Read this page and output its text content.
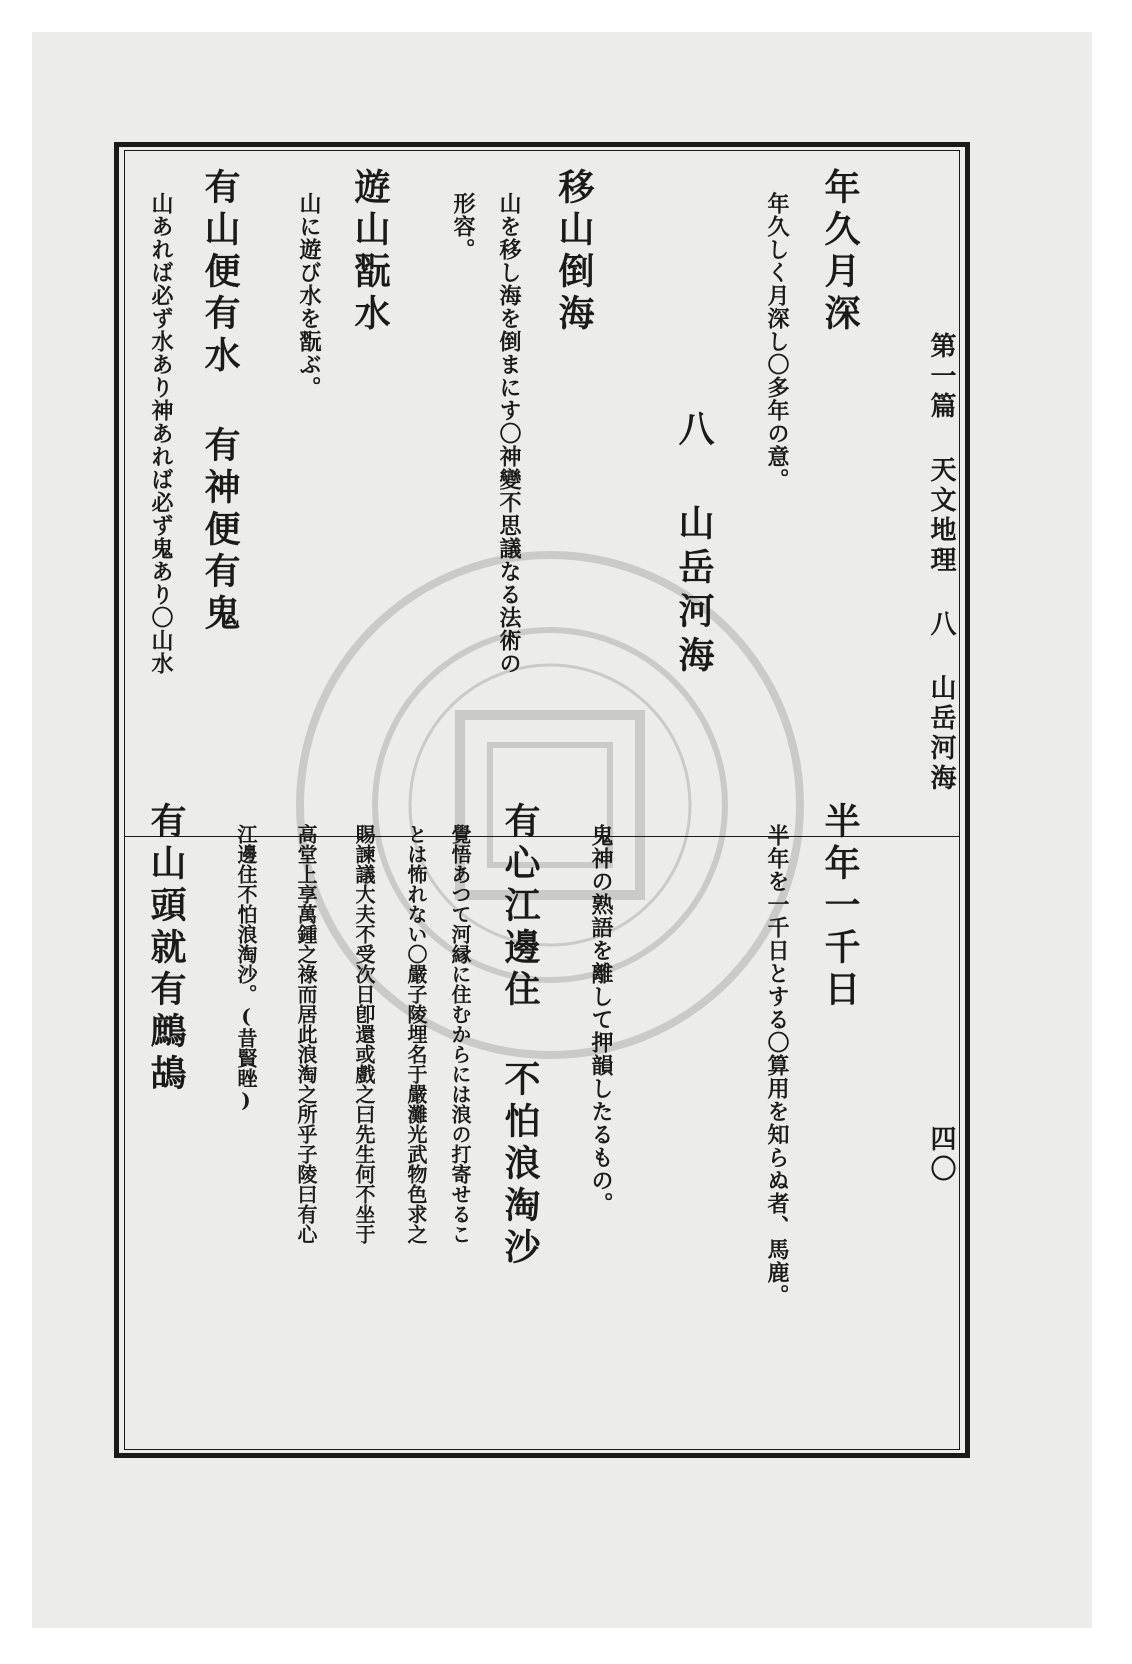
第一篇 天文地理 八 山岳河海
四〇
年久月深
年久しく月深し〇多年の意。
八 山岳河海
移山倒海
山を移し海を倒まにす〇神變不思議なる法術の
形容。
遊山翫水
山に遊び水を翫ぶ。
有山便有水 有神便有鬼
山あれば必ず水あり神あれば必ず鬼あり〇山水
半年一千日
半年を一千日とする〇算用を知らぬ者、馬鹿。
鬼神の熟語を離して押韻したるもの。
有心江邊住 不怕浪淘沙
覺悟あつて河縁に住むからには浪の打寄せるこ
とは怖れない〇嚴子陵埋名于嚴灘光武物色求之
賜諫議大夫不受次日卽還或戲之曰先生何不坐于
高堂上享萬鍾之祿而居此浪淘之所乎子陵曰有心
江邊住不怕浪淘沙。(昔賢睉)
有山頭就有鷓鴣
